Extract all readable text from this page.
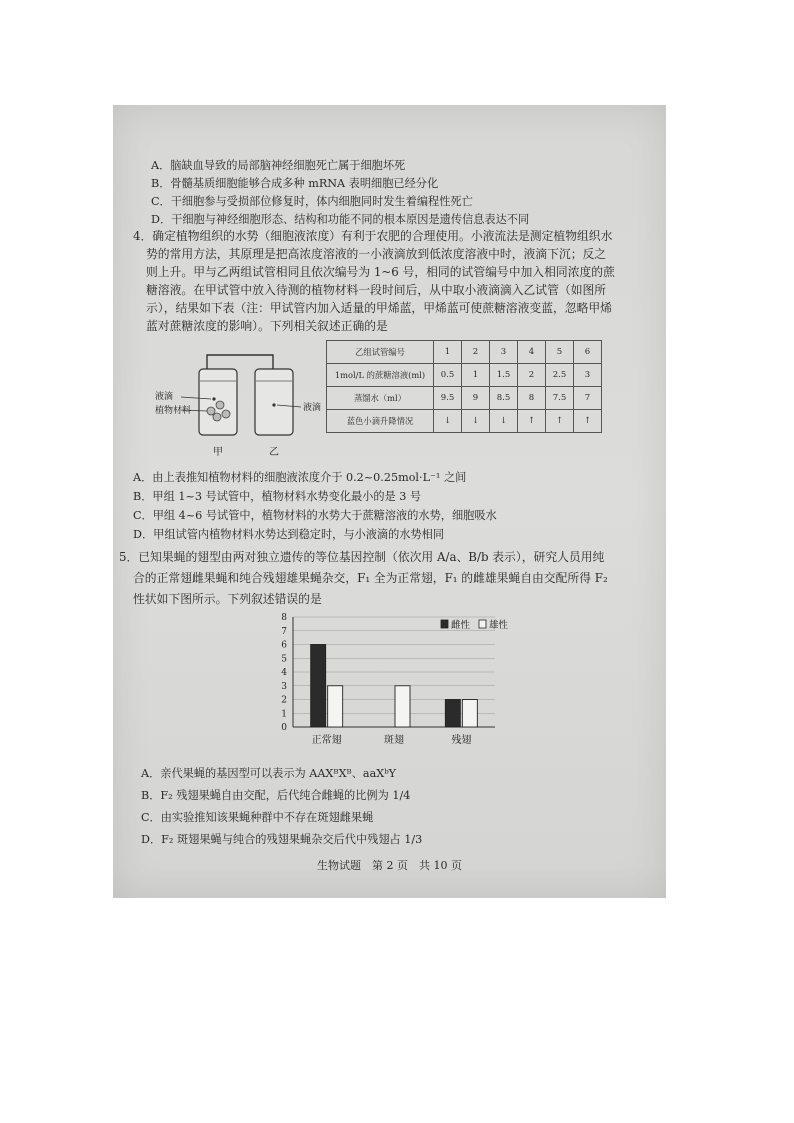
A．脑缺血导致的局部脑神经细胞死亡属于细胞坏死
B．骨髓基质细胞能够合成多种 mRNA 表明细胞已经分化
C．干细胞参与受损部位修复时，体内细胞同时发生着编程性死亡
D．干细胞与神经细胞形态、结构和功能不同的根本原因是遗传信息表达不同
4．确定植物组织的水势（细胞液浓度）有利于农肥的合理使用。小液流法是测定植物组织水
势的常用方法，其原理是把高浓度溶液的一小液滴放到低浓度溶液中时，液滴下沉；反之
则上升。甲与乙两组试管相同且依次编号为 1~6 号，相同的试管编号中加入相同浓度的蔗
糖溶液。在甲试管中放入待测的植物材料一段时间后，从中取小液滴滴入乙试管（如图所
示），结果如下表（注：甲试管内加入适量的甲烯蓝，甲烯蓝可使蔗糖溶液变蓝，忽略甲烯
蓝对蔗糖浓度的影响）。下列相关叙述正确的是
液滴
植物材料	液滴
甲	乙
乙组试管编号	1	2	3	4	5	6
1mol/L 的蔗糖溶液(ml)	0.5	1	1.5	2	2.5	3
蒸馏水（ml）	9.5	9	8.5	8	7.5	7
蓝色小滴升降情况	↓	↓	↓	↑	↑	↑
A．由上表推知植物材料的细胞液浓度介于 0.2~0.25mol·L⁻¹ 之间
B．甲组 1~3 号试管中，植物材料水势变化最小的是 3 号
C．甲组 4~6 号试管中，植物材料的水势大于蔗糖溶液的水势，细胞吸水
D．甲组试管内植物材料水势达到稳定时，与小液滴的水势相同
5．已知果蝇的翅型由两对独立遗传的等位基因控制（依次用 A/a、B/b 表示），研究人员用纯
合的正常翅雌果蝇和纯合残翅雄果蝇杂交，F₁ 全为正常翅，F₁ 的雌雄果蝇自由交配所得 F₂
性状如下图所示。下列叙述错误的是
0
1
2
3
4
5
6
7
8
正常翅	斑翅	残翅
雌性 雄性
A．亲代果蝇的基因型可以表示为 AAXᴮXᴮ、aaXᵇY
B．F₂ 残翅果蝇自由交配，后代纯合雌蝇的比例为 1/4
C．由实验推知该果蝇种群中不存在斑翅雌果蝇
D．F₂ 斑翅果蝇与纯合的残翅果蝇杂交后代中残翅占 1/3
生物试题　第 2 页　共 10 页
